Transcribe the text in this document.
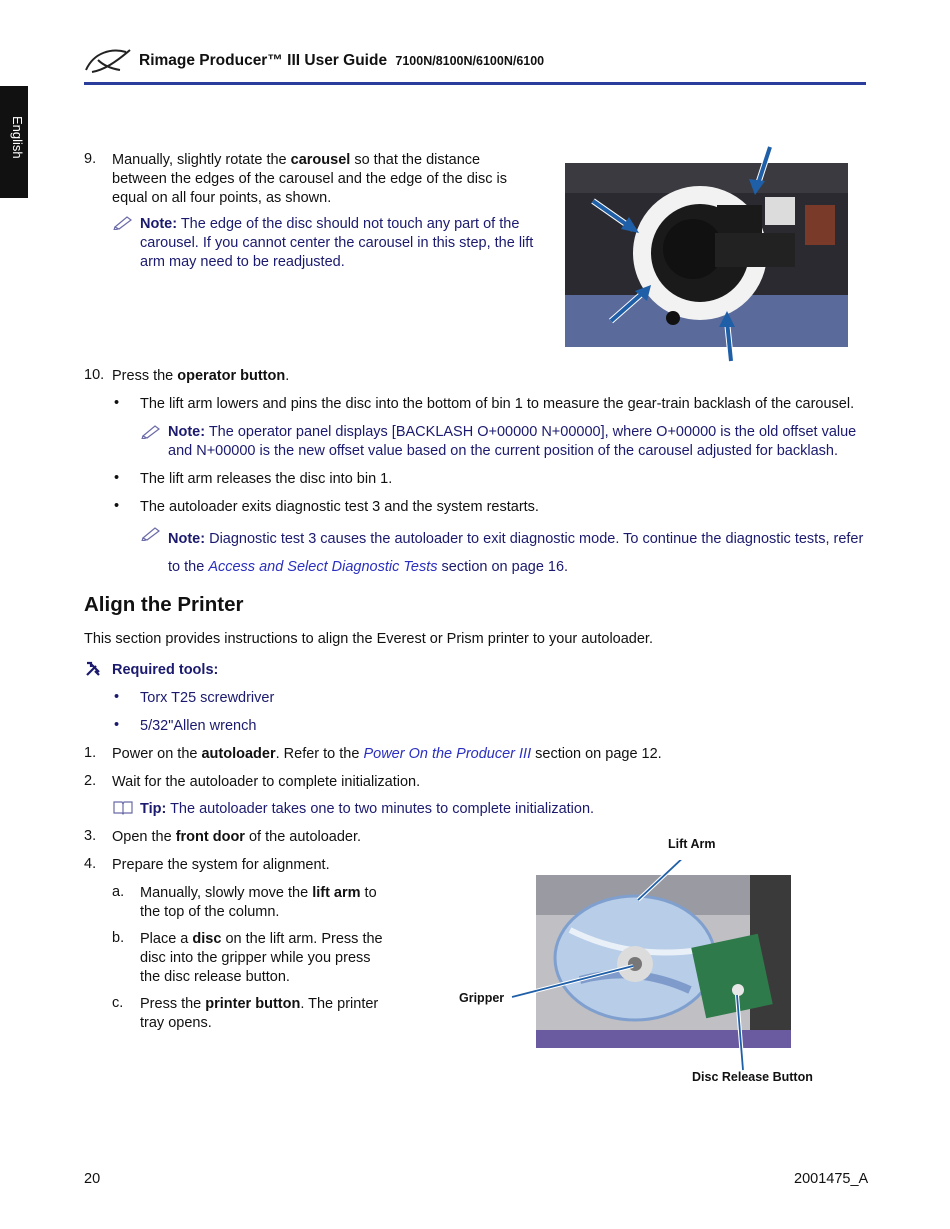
Rimage Producer™ III User Guide 7100N/8100N/6100N/6100
English
9. Manually, slightly rotate the carousel so that the distance between the edges of the carousel and the edge of the disc is equal on all four points, as shown.
Note: The edge of the disc should not touch any part of the carousel. If you cannot center the carousel in this step, the lift arm may need to be readjusted.
10. Press the operator button.
• The lift arm lowers and pins the disc into the bottom of bin 1 to measure the gear-train backlash of the carousel.
Note: The operator panel displays [BACKLASH O+00000 N+00000], where O+00000 is the old offset value and N+00000 is the new offset value based on the current position of the carousel adjusted for backlash.
• The lift arm releases the disc into bin 1.
• The autoloader exits diagnostic test 3 and the system restarts.
Note: Diagnostic test 3 causes the autoloader to exit diagnostic mode. To continue the diagnostic tests, refer to the Access and Select Diagnostic Tests section on page 16.
Align the Printer
This section provides instructions to align the Everest or Prism printer to your autoloader.
Required tools:
• Torx T25 screwdriver
• 5/32"Allen wrench
1. Power on the autoloader. Refer to the Power On the Producer III section on page 12.
2. Wait for the autoloader to complete initialization.
Tip: The autoloader takes one to two minutes to complete initialization.
3. Open the front door of the autoloader.
4. Prepare the system for alignment.
a. Manually, slowly move the lift arm to the top of the column.
b. Place a disc on the lift arm. Press the disc into the gripper while you press the disc release button.
c. Press the printer button. The printer tray opens.
Lift Arm
Gripper
Disc Release Button
20	2001475_A
